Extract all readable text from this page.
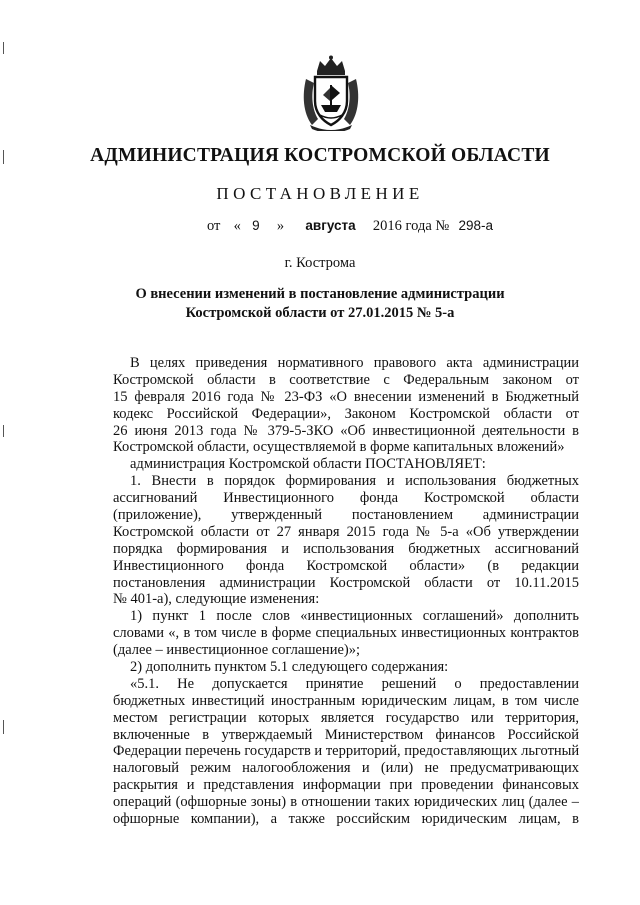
АДМИНИСТРАЦИЯ КОСТРОМСКОЙ ОБЛАСТИ
ПОСТАНОВЛЕНИЕ
от « 9 » августа 2016 года № 298-а
г. Кострома
О внесении изменений в постановление администрации
Костромской области от 27.01.2015 № 5-а
В целях приведения нормативного правового акта администрации
Костромской области в соответствие с Федеральным законом от
15 февраля 2016 года № 23-ФЗ «О внесении изменений в Бюджетный
кодекс Российской Федерации», Законом Костромской области от
26 июня 2013 года № 379-5-ЗКО «Об инвестиционной деятельности в
Костромской области, осуществляемой в форме капитальных вложений»
администрация Костромской области ПОСТАНОВЛЯЕТ:
1. Внести в порядок формирования и использования бюджетных
ассигнований Инвестиционного фонда Костромской области
(приложение), утвержденный постановлением администрации
Костромской области от 27 января 2015 года № 5-а «Об утверждении
порядка формирования и использования бюджетных ассигнований
Инвестиционного фонда Костромской области» (в редакции
постановления администрации Костромской области от 10.11.2015
№ 401-а), следующие изменения:
1) пункт 1 после слов «инвестиционных соглашений» дополнить
словами «, в том числе в форме специальных инвестиционных контрактов
(далее – инвестиционное соглашение)»;
2) дополнить пунктом 5.1 следующего содержания:
«5.1. Не допускается принятие решений о предоставлении
бюджетных инвестиций иностранным юридическим лицам, в том числе
местом регистрации которых является государство или территория,
включенные в утверждаемый Министерством финансов Российской
Федерации перечень государств и территорий, предоставляющих льготный
налоговый режим налогообложения и (или) не предусматривающих
раскрытия и представления информации при проведении финансовых
операций (офшорные зоны) в отношении таких юридических лиц (далее –
офшорные компании), а также российским юридическим лицам, в
